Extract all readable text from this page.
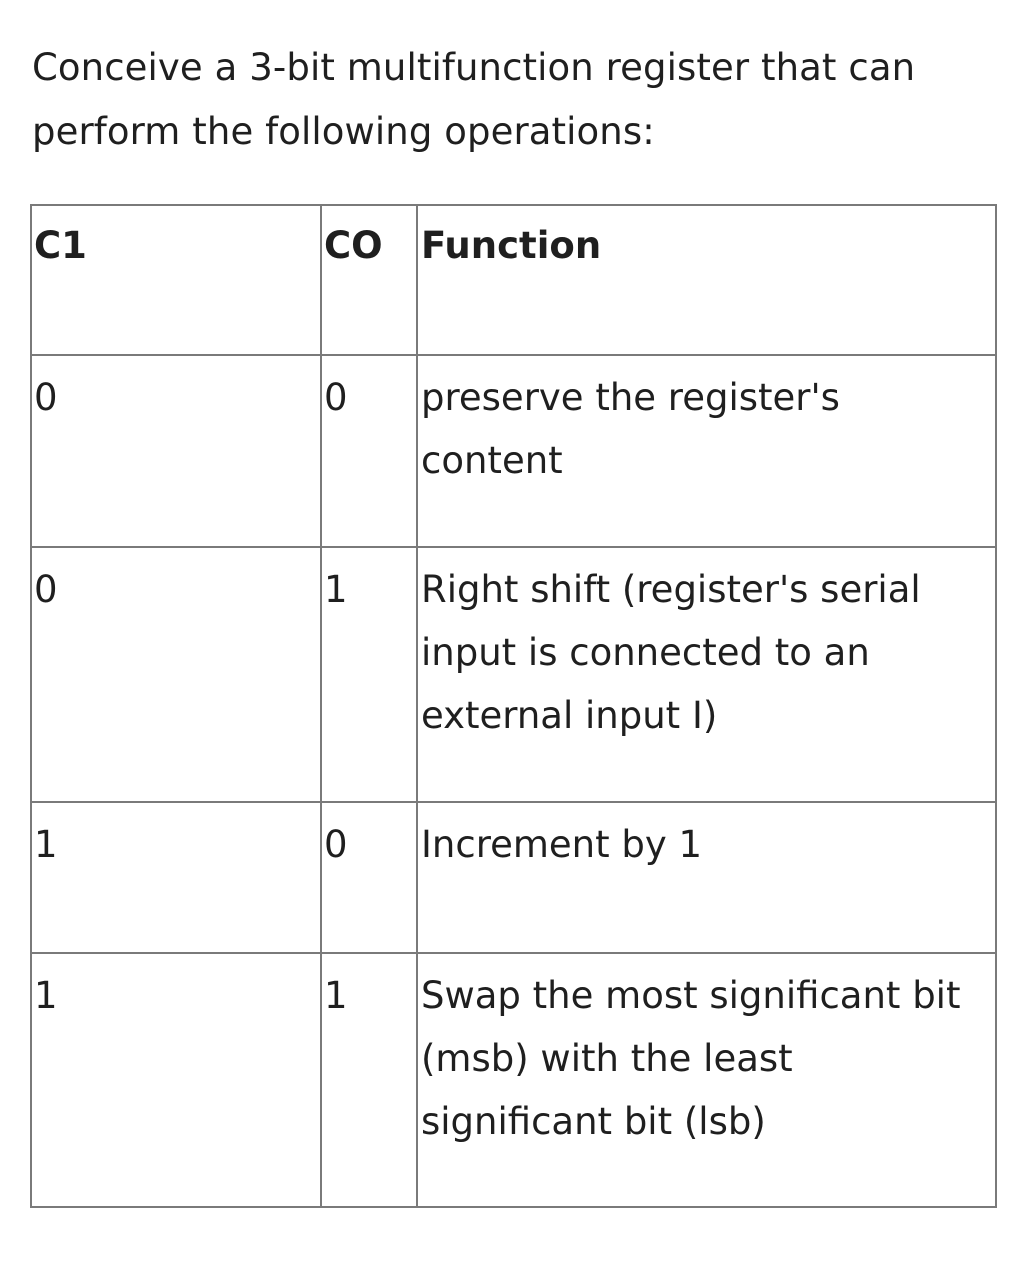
Conceive a 3-bit multifunction register that can perform the following operations:

C1	CO	Function

0	0	preserve the register's content

0	1	Right shift (register's serial input is connected to an external input I)

1	0	Increment by 1

1	1	Swap the most significant bit (msb) with the least significant bit (lsb)
